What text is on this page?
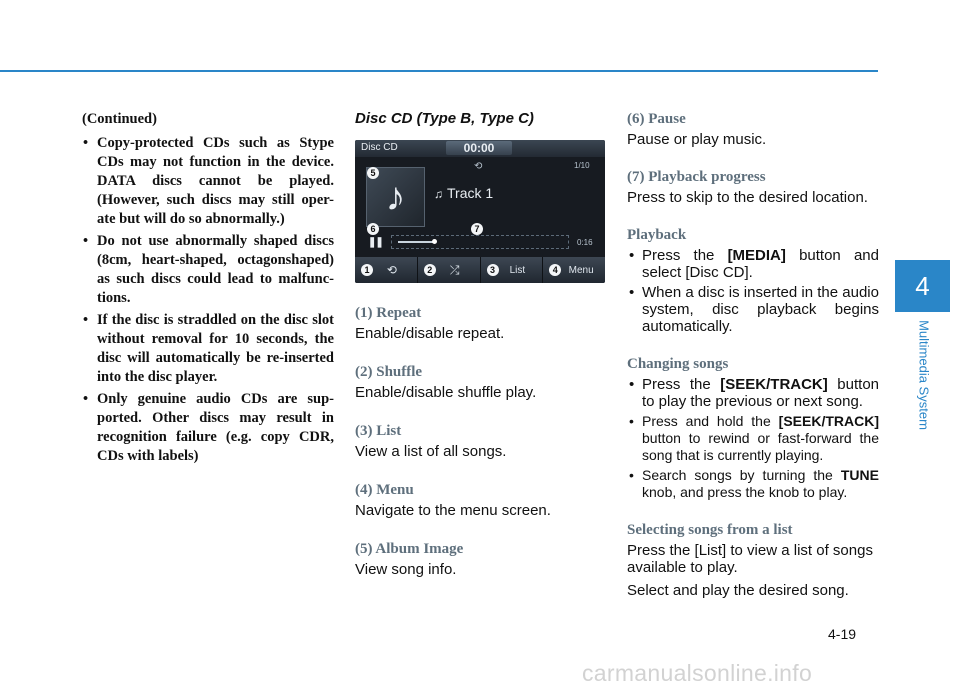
4
Multimedia System
(Continued)
• Copy-protected CDs such as Stype CDs may not function in the device. DATA discs cannot be played. (However, such discs may still oper-ate but will do so abnormally.)
• Do not use abnormally shaped discs (8cm, heart-shaped, octagonshaped) as such discs could lead to malfunc-tions.
• If the disc is straddled on the disc slot without removal for 10 seconds, the disc will automatically be re-inserted into the disc player.
• Only genuine audio CDs are sup-ported. Other discs may result in recognition failure (e.g. copy CDR, CDs with labels)
Disc CD (Type B, Type C)
Disc CD	00:00
⟲	1/10
♪ ♫ Track 1
❚❚	0:16
5
6	7
1 ⟲	2 ⤮	3	List	4	Menu
(1) Repeat
Enable/disable repeat.
(2) Shuffle
Enable/disable shuffle play.
(3) List
View a list of all songs.
(4) Menu
Navigate to the menu screen.
(5) Album Image
View song info.
(6) Pause
Pause or play music.
(7) Playback progress
Press to skip to the desired location.
Playback
• Press the [MEDIA] button and select [Disc CD].
• When a disc is inserted in the audio system, disc playback begins automatically.
Changing songs
• Press the [SEEK/TRACK] button to play the previous or next song.
• Press and hold the [SEEK/TRACK] button to rewind or fast-forward the song that is currently playing.
• Search songs by turning the TUNE knob, and press the knob to play.
Selecting songs from a list
Press the [List] to view a list of songs available to play.
Select and play the desired song.
4-19
carmanualsonline.info
